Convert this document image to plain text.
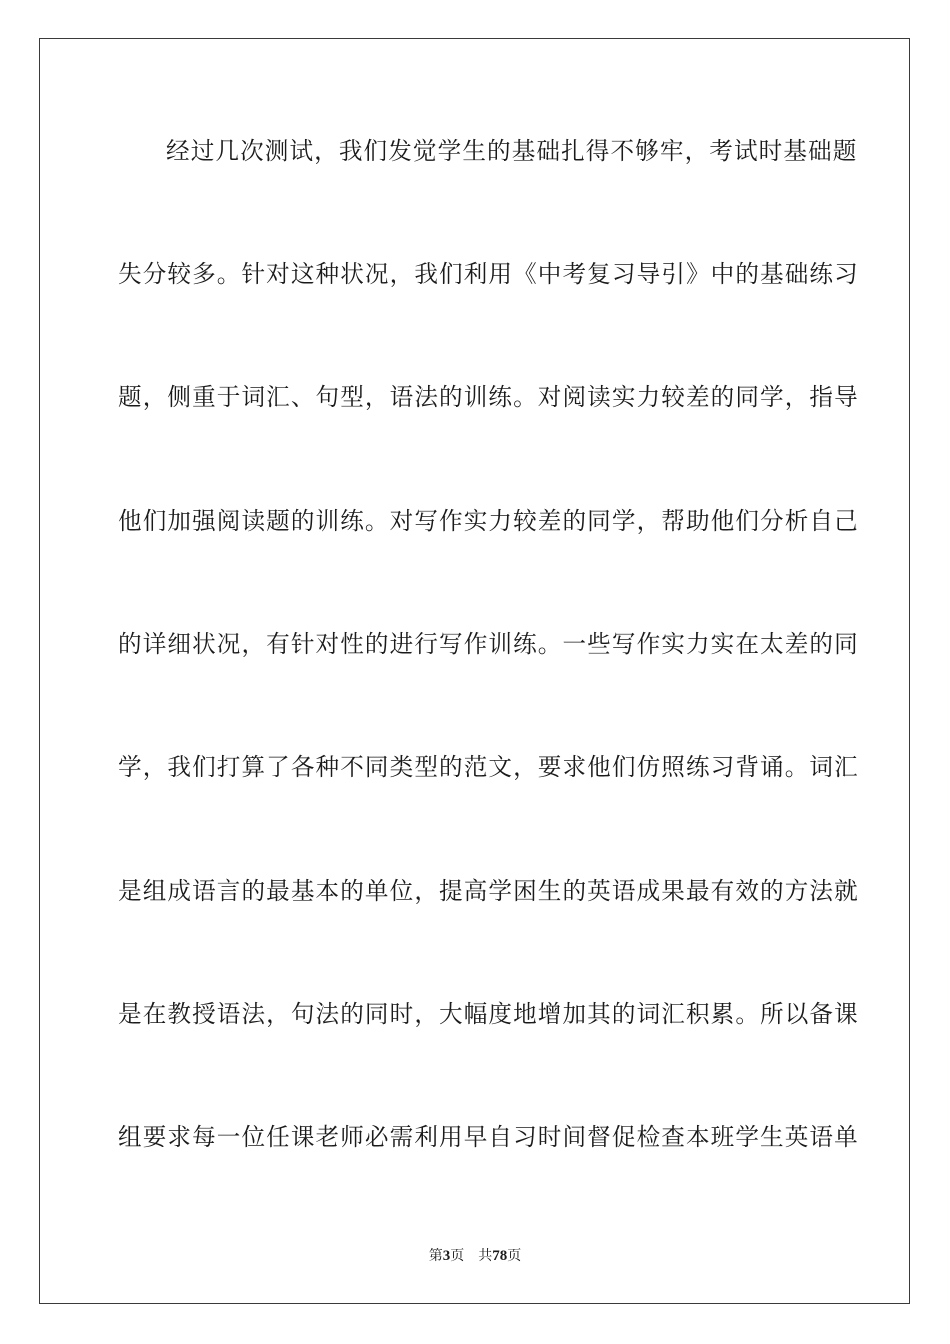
经过几次测试，我们发觉学生的基础扎得不够牢，考试时基础题
失分较多。针对这种状况，我们利用《中考复习导引》中的基础练习
题，侧重于词汇、句型，语法的训练。对阅读实力较差的同学，指导
他们加强阅读题的训练。对写作实力较差的同学，帮助他们分析自己
的详细状况，有针对性的进行写作训练。一些写作实力实在太差的同
学，我们打算了各种不同类型的范文，要求他们仿照练习背诵。词汇
是组成语言的最基本的单位，提高学困生的英语成果最有效的方法就
是在教授语法，句法的同时，大幅度地增加其的词汇积累。所以备课
组要求每一位任课老师必需利用早自习时间督促检查本班学生英语单
第3页 共78页
